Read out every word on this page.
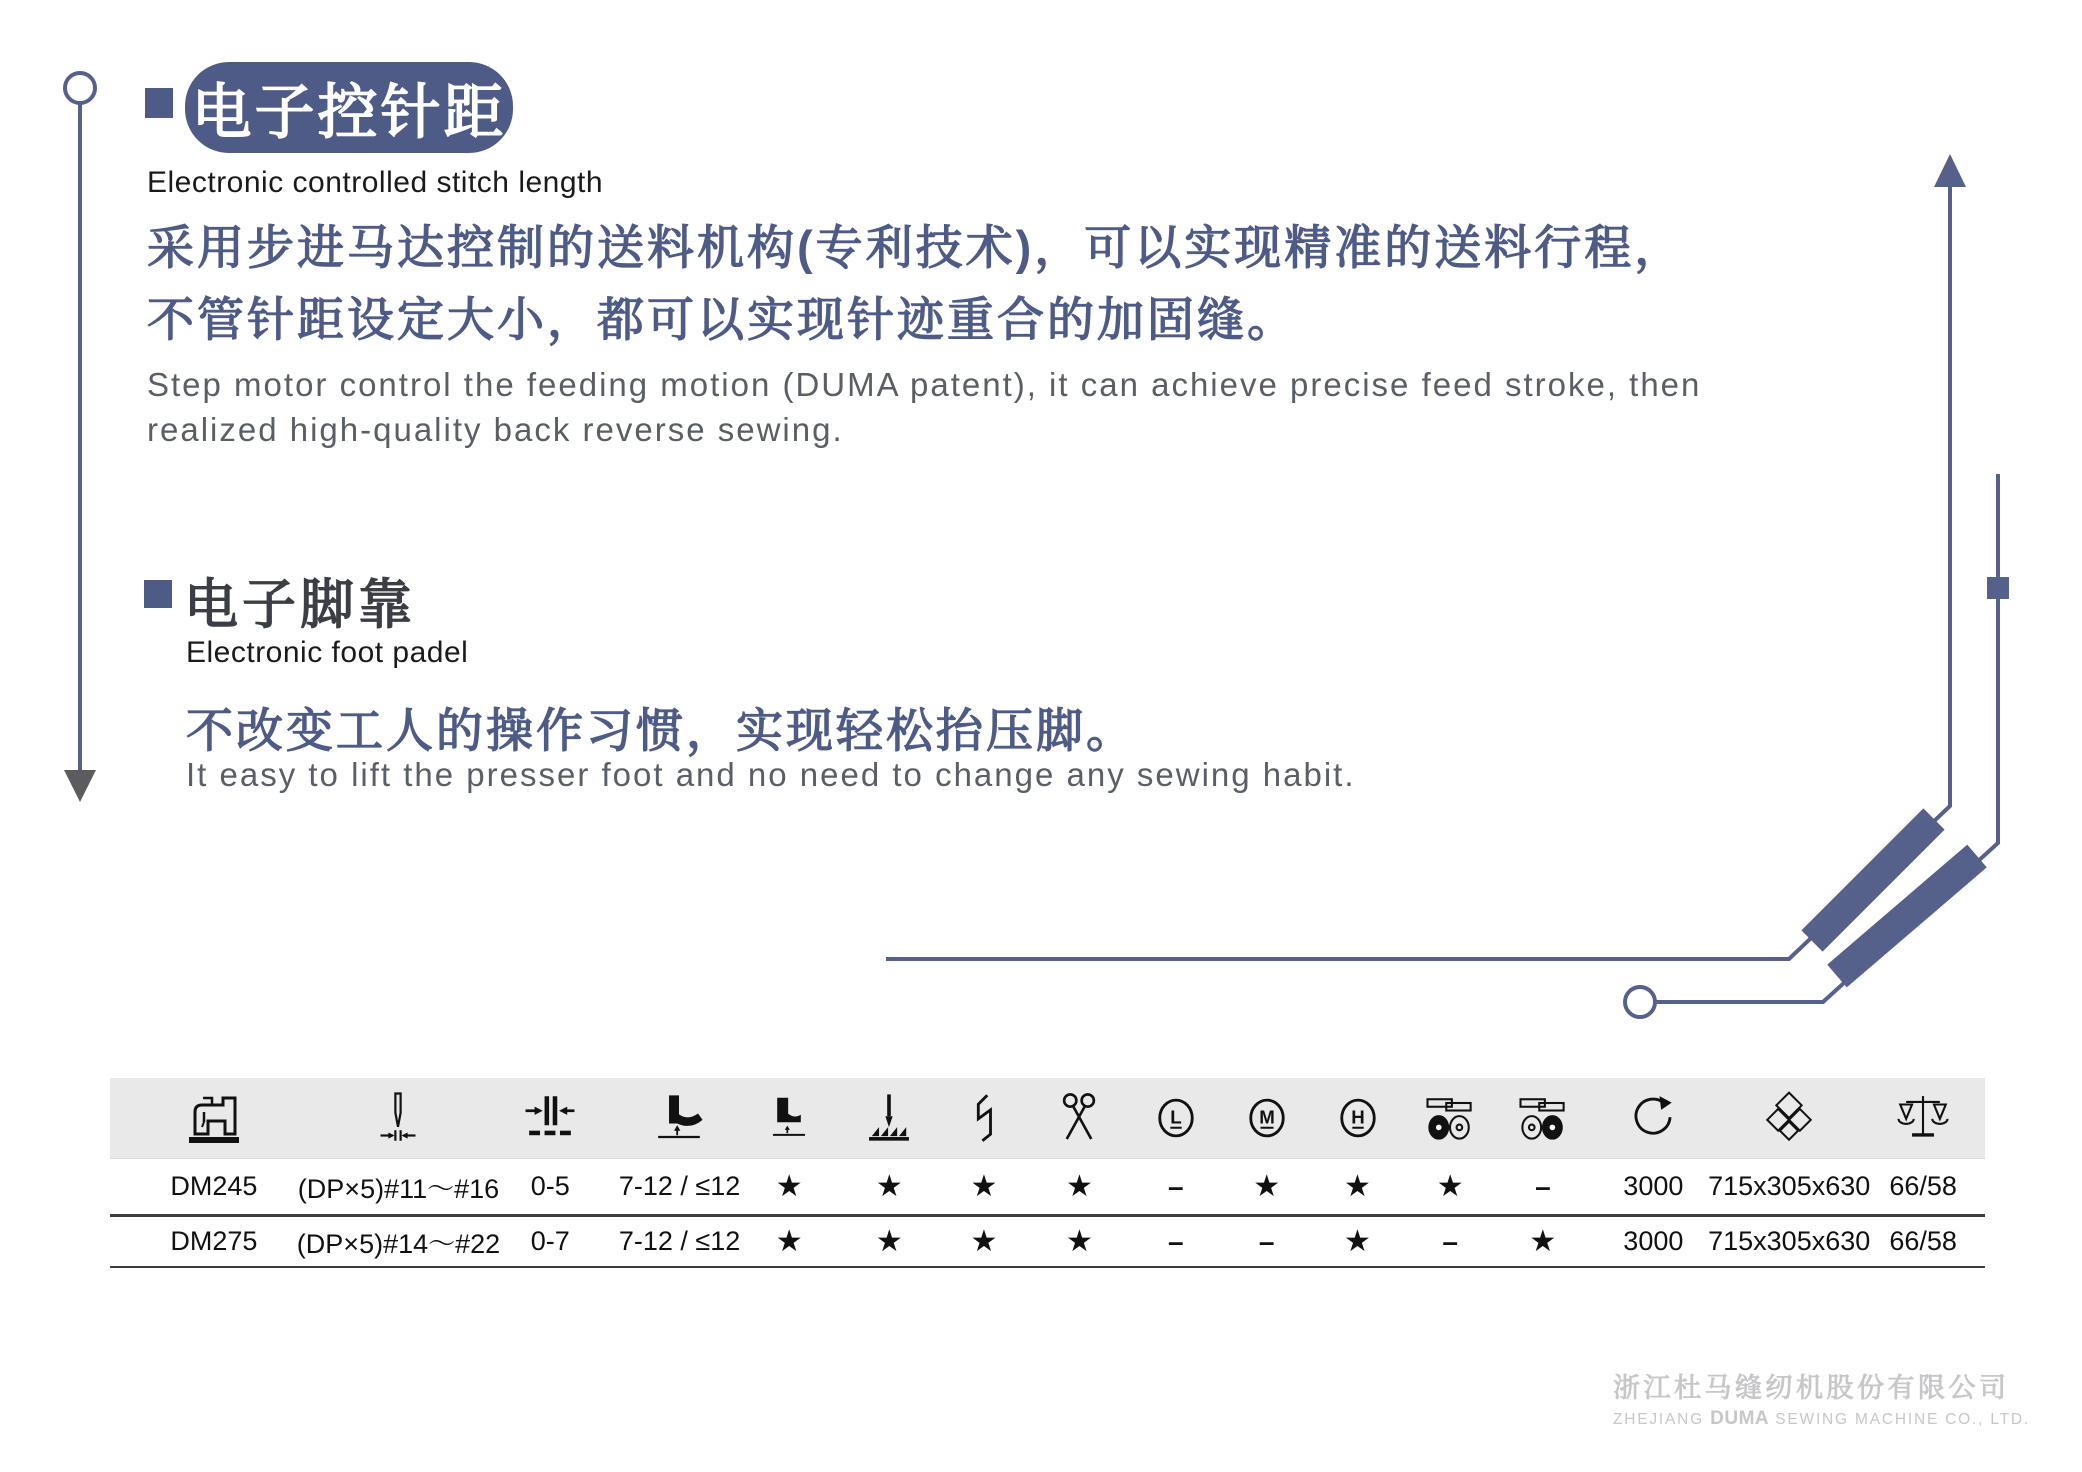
电子控针距
Electronic controlled stitch length
采用步进马达控制的送料机构(专利技术)，可以实现精准的送料行程，
不管针距设定大小，都可以实现针迹重合的加固缝。
Step motor control the feeding motion (DUMA patent), it can achieve precise feed stroke, then
realized high-quality back reverse sewing.
电子脚靠
Electronic foot padel
不改变工人的操作习惯，实现轻松抬压脚。
It easy to lift the presser foot and no need to change any sewing habit.
L	M	H
DM245	(DP×5)#11～#16	0-5	7-12 / ≤12	★	★	★	★	–	★	★	★	–	3000 715x305x630 66/58
DM275	(DP×5)#14～#22	0-7	7-12 / ≤12	★	★	★	★	–	–	★	–	★	3000 715x305x630 66/58
浙江杜马缝纫机股份有限公司
ZHEJIANG DUMA SEWING MACHINE CO., LTD.
